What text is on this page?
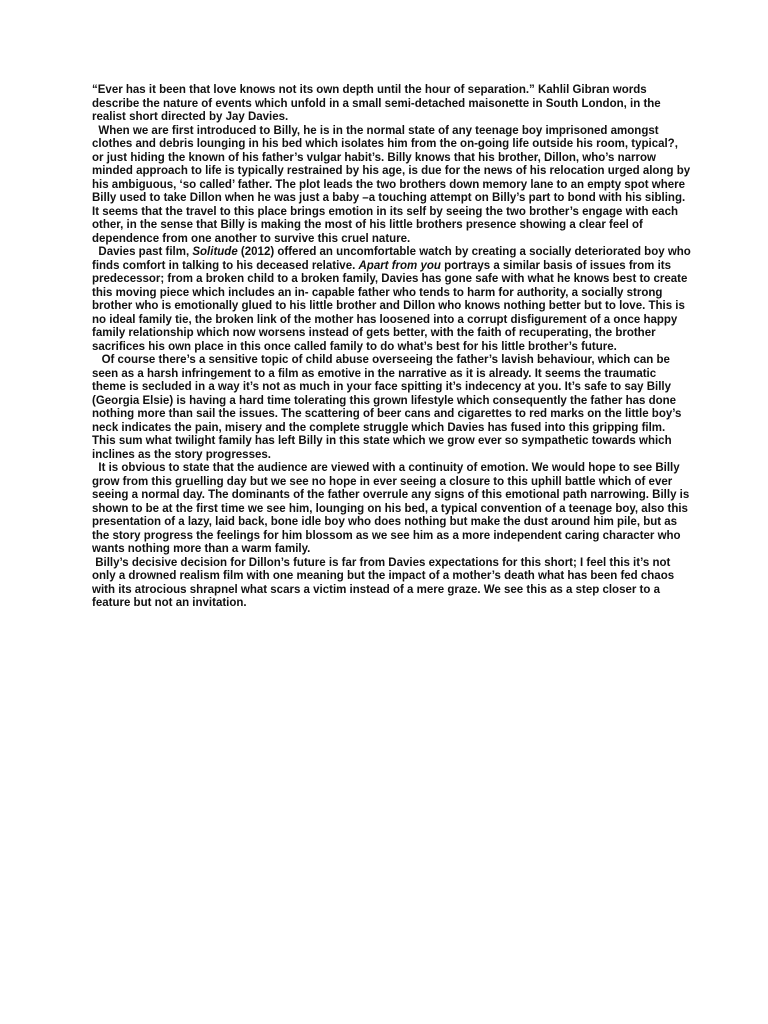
“Ever has it been that love knows not its own depth until the hour of separation.” Kahlil Gibran words describe the nature of events which unfold in a small semi-detached maisonette in South London, in the realist short directed by Jay Davies.

When we are first introduced to Billy, he is in the normal state of any teenage boy imprisoned amongst clothes and debris lounging in his bed which isolates him from the on-going life outside his room, typical?, or just hiding the known of his father’s vulgar habit’s. Billy knows that his brother, Dillon, who’s narrow minded approach to life is typically restrained by his age, is due for the news of his relocation urged along by his ambiguous, ‘so called’ father. The plot leads the two brothers down memory lane to an empty spot where Billy used to take Dillon when he was just a baby –a touching attempt on Billy’s part to bond with his sibling. It seems that the travel to this place brings emotion in its self by seeing the two brother’s engage with each other, in the sense that Billy is making the most of his little brothers presence showing a clear feel of dependence from one another to survive this cruel nature.

Davies past film, Solitude (2012) offered an uncomfortable watch by creating a socially deteriorated boy who finds comfort in talking to his deceased relative. Apart from you portrays a similar basis of issues from its predecessor; from a broken child to a broken family, Davies has gone safe with what he knows best to create this moving piece which includes an in- capable father who tends to harm for authority, a socially strong brother who is emotionally glued to his little brother and Dillon who knows nothing better but to love. This is no ideal family tie, the broken link of the mother has loosened into a corrupt disfigurement of a once happy family relationship which now worsens instead of gets better, with the faith of recuperating, the brother sacrifices his own place in this once called family to do what’s best for his little brother’s future.

Of course there’s a sensitive topic of child abuse overseeing the father’s lavish behaviour, which can be seen as a harsh infringement to a film as emotive in the narrative as it is already. It seems the traumatic theme is secluded in a way it’s not as much in your face spitting it’s indecency at you. It’s safe to say Billy (Georgia Elsie) is having a hard time tolerating this grown lifestyle which consequently the father has done nothing more than sail the issues. The scattering of beer cans and cigarettes to red marks on the little boy’s neck indicates the pain, misery and the complete struggle which Davies has fused into this gripping film. This sum what twilight family has left Billy in this state which we grow ever so sympathetic towards which inclines as the story progresses.

It is obvious to state that the audience are viewed with a continuity of emotion. We would hope to see Billy grow from this gruelling day but we see no hope in ever seeing a closure to this uphill battle which of ever seeing a normal day. The dominants of the father overrule any signs of this emotional path narrowing. Billy is shown to be at the first time we see him, lounging on his bed, a typical convention of a teenage boy, also this presentation of a lazy, laid back, bone idle boy who does nothing but make the dust around him pile, but as the story progress the feelings for him blossom as we see him as a more independent caring character who wants nothing more than a warm family.

Billy’s decisive decision for Dillon’s future is far from Davies expectations for this short; I feel this it’s not only a drowned realism film with one meaning but the impact of a mother’s death what has been fed chaos with its atrocious shrapnel what scars a victim instead of a mere graze. We see this as a step closer to a feature but not an invitation.
